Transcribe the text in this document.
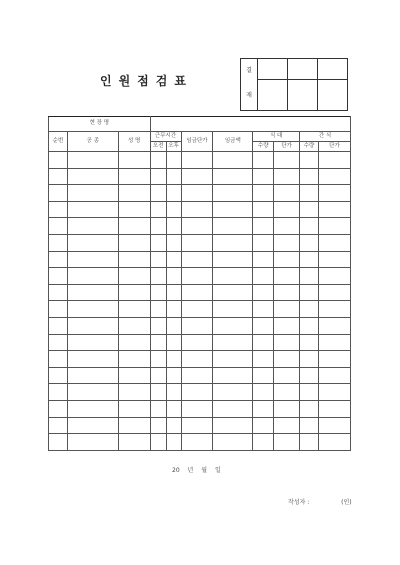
인원점검표
결			
재			
현 장 명										
순번	공 종	성 명	근무시간		임금단가	임금액	식 대		간 식	
			오전	오후			수량	단가	수량	단가

20 년 월 일
작성자 :	(인)
